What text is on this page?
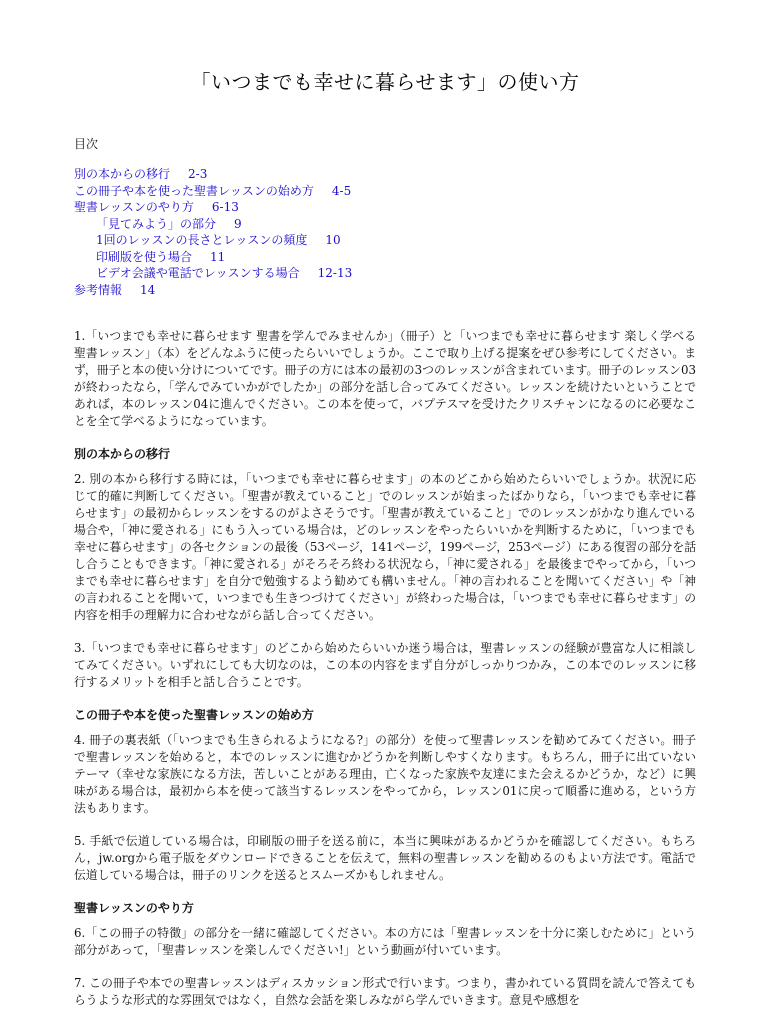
「いつまでも幸せに暮らせます」の使い方
目次
別の本からの移行 2-3
この冊子や本を使った聖書レッスンの始め方 4-5
聖書レッスンのやり方 6-13
「見てみよう」の部分 9
1回のレッスンの長さとレッスンの頻度 10
印刷版を使う場合 11
ビデオ会議や電話でレッスンする場合 12-13
参考情報 14

1.「いつまでも幸せに暮らせます 聖書を学んでみませんか」（冊子）と「いつまでも幸せに暮らせます 楽しく学べる聖書レッスン」（本）をどんなふうに使ったらいいでしょうか。ここで取り上げる提案をぜひ参考にしてください。まず，冊子と本の使い分けについてです。冊子の方には本の最初の3つのレッスンが含まれています。冊子のレッスン03が終わったなら，「学んでみていかがでしたか」の部分を話し合ってみてください。レッスンを続けたいということであれば，本のレッスン04に進んでください。この本を使って，バプテスマを受けたクリスチャンになるのに必要なことを全て学べるようになっています。

別の本からの移行

2. 別の本から移行する時には，「いつまでも幸せに暮らせます」の本のどこから始めたらいいでしょうか。状況に応じて的確に判断してください。「聖書が教えていること」でのレッスンが始まったばかりなら，「いつまでも幸せに暮らせます」の最初からレッスンをするのがよさそうです。「聖書が教えていること」でのレッスンがかなり進んでいる場合や，「神に愛される」にもう入っている場合は，どのレッスンをやったらいいかを判断するために，「いつまでも幸せに暮らせます」の各セクションの最後（53ページ，141ページ，199ページ，253ページ）にある復習の部分を話し合うこともできます。「神に愛される」がそろそろ終わる状況なら，「神に愛される」を最後までやってから，「いつまでも幸せに暮らせます」を自分で勉強するよう勧めても構いません。「神の言われることを聞いてください」や「神の言われることを聞いて，いつまでも生きつづけてください」が終わった場合は，「いつまでも幸せに暮らせます」の内容を相手の理解力に合わせながら話し合ってください。

3.「いつまでも幸せに暮らせます」のどこから始めたらいいか迷う場合は，聖書レッスンの経験が豊富な人に相談してみてください。いずれにしても大切なのは，この本の内容をまず自分がしっかりつかみ，この本でのレッスンに移行するメリットを相手と話し合うことです。

この冊子や本を使った聖書レッスンの始め方

4. 冊子の裏表紙（「いつまでも生きられるようになる?」の部分）を使って聖書レッスンを勧めてみてください。冊子で聖書レッスンを始めると，本でのレッスンに進むかどうかを判断しやすくなります。もちろん，冊子に出ていないテーマ（幸せな家族になる方法，苦しいことがある理由，亡くなった家族や友達にまた会えるかどうか，など）に興味がある場合は，最初から本を使って該当するレッスンをやってから，レッスン01に戻って順番に進める，という方法もあります。

5. 手紙で伝道している場合は，印刷版の冊子を送る前に，本当に興味があるかどうかを確認してください。もちろん，jw.orgから電子版をダウンロードできることを伝えて，無料の聖書レッスンを勧めるのもよい方法です。電話で伝道している場合は，冊子のリンクを送るとスムーズかもしれません。

聖書レッスンのやり方

6.「この冊子の特徴」の部分を一緒に確認してください。本の方には「聖書レッスンを十分に楽しむために」という部分があって，「聖書レッスンを楽しんでください!」という動画が付いています。

7. この冊子や本での聖書レッスンはディスカッション形式で行います。つまり，書かれている質問を読んで答えてもらうような形式的な雰囲気ではなく，自然な会話を楽しみながら学んでいきます。意見や感想を
